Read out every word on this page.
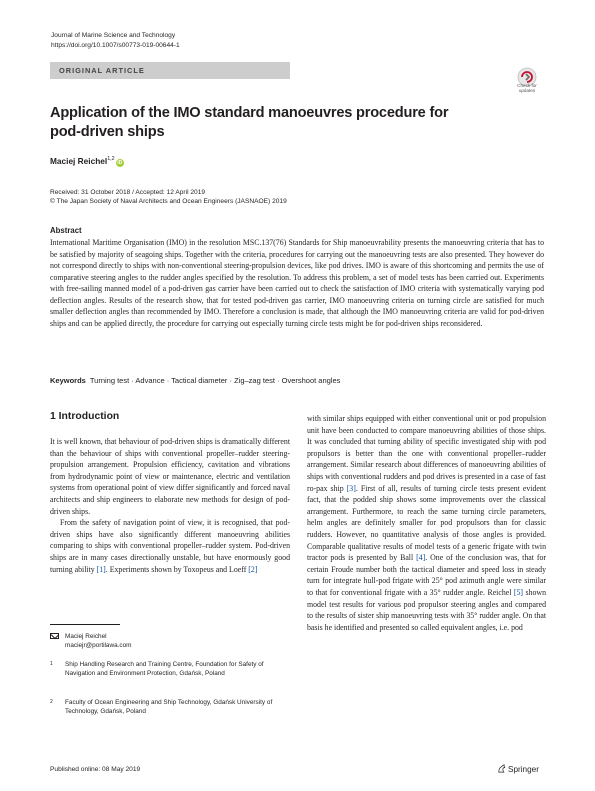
Journal of Marine Science and Technology
https://doi.org/10.1007/s00773-019-00644-1
ORIGINAL ARTICLE
Check for
updates
Application of the IMO standard manoeuvres procedure for pod-driven ships
Maciej Reichel$^{1,2}$iD
Received: 31 October 2018 / Accepted: 12 April 2019
© The Japan Society of Naval Architects and Ocean Engineers (JASNAOE) 2019
Abstract
International Maritime Organisation (IMO) in the resolution MSC.137(76) Standards for Ship manoeuvrability presents the manoeuvring criteria that has to be satisfied by majority of seagoing ships. Together with the criteria, procedures for carrying out the manoeuvring tests are also presented. They however do not correspond directly to ships with non-conventional steering-propulsion devices, like pod drives. IMO is aware of this shortcoming and permits the use of comparative steering angles to the rudder angles specified by the resolution. To address this problem, a set of model tests has been carried out. Experiments with free-sailing manned model of a pod-driven gas carrier have been carried out to check the satisfaction of IMO criteria with systematically varying pod deflection angles. Results of the research show, that for tested pod-driven gas carrier, IMO manoeuvring criteria on turning circle are satisfied for much smaller deflection angles than recommended by IMO. Therefore a conclusion is made, that although the IMO manoeuvring criteria are valid for pod-driven ships and can be applied directly, the procedure for carrying out especially turning circle tests might be for pod-driven ships reconsidered.
Keywords Turning test · Advance · Tactical diameter · Zig–zag test · Overshoot angles
1 Introduction

It is well known, that behaviour of pod-driven ships is dramatically different than the behaviour of ships with conventional propeller–rudder steering-propulsion arrangement. Propulsion efficiency, cavitation and vibrations from hydrodynamic point of view or maintenance, electric and ventilation systems from operational point of view differ significantly and forced naval architects and ship engineers to elaborate new methods for design of pod-driven ships.

From the safety of navigation point of view, it is recognised, that pod-driven ships have also significantly different manoeuvring abilities comparing to ships with conventional propeller–rudder system. Pod-driven ships are in many cases directionally unstable, but have enormously good turning ability [1]. Experiments shown by Toxopeus and Loeff [2]

with similar ships equipped with either conventional unit or pod propulsion unit have been conducted to compare manoeuvring abilities of those ships. It was concluded that turning ability of specific investigated ship with pod propulsors is better than the one with conventional propeller–rudder arrangement. Similar research about differences of manoeuvring abilities of ships with conventional rudders and pod drives is presented in a case of fast ro-pax ship [3]. First of all, results of turning circle tests present evident fact, that the podded ship shows some improvements over the classical arrangement. Furthermore, to reach the same turning circle parameters, helm angles are definitely smaller for pod propulsors than for classic rudders. However, no quantitative analysis of those angles is provided. Comparable qualitative results of model tests of a generic frigate with twin tractor pods is presented by Ball [4]. One of the conclusion was, that for certain Froude number both the tactical diameter and speed loss in steady turn for integrate hull-pod frigate with 25° pod azimuth angle were similar to that for conventional frigate with a 35° rudder angle. Reichel [5] shown model test results for various pod propulsor steering angles and compared to the results of sister ship manoeuvring tests with 35° rudder angle. On that basis he identified and presented so called equivalent angles, i.e. pod

Maciej Reichel
maciejr@portilawa.com
1 Ship Handling Research and Training Centre, Foundation for Safety of Navigation and Environment Protection, Gdańsk, Poland
2 Faculty of Ocean Engineering and Ship Technology, Gdańsk University of Technology, Gdańsk, Poland
Published online: 08 May 2019	Springer
